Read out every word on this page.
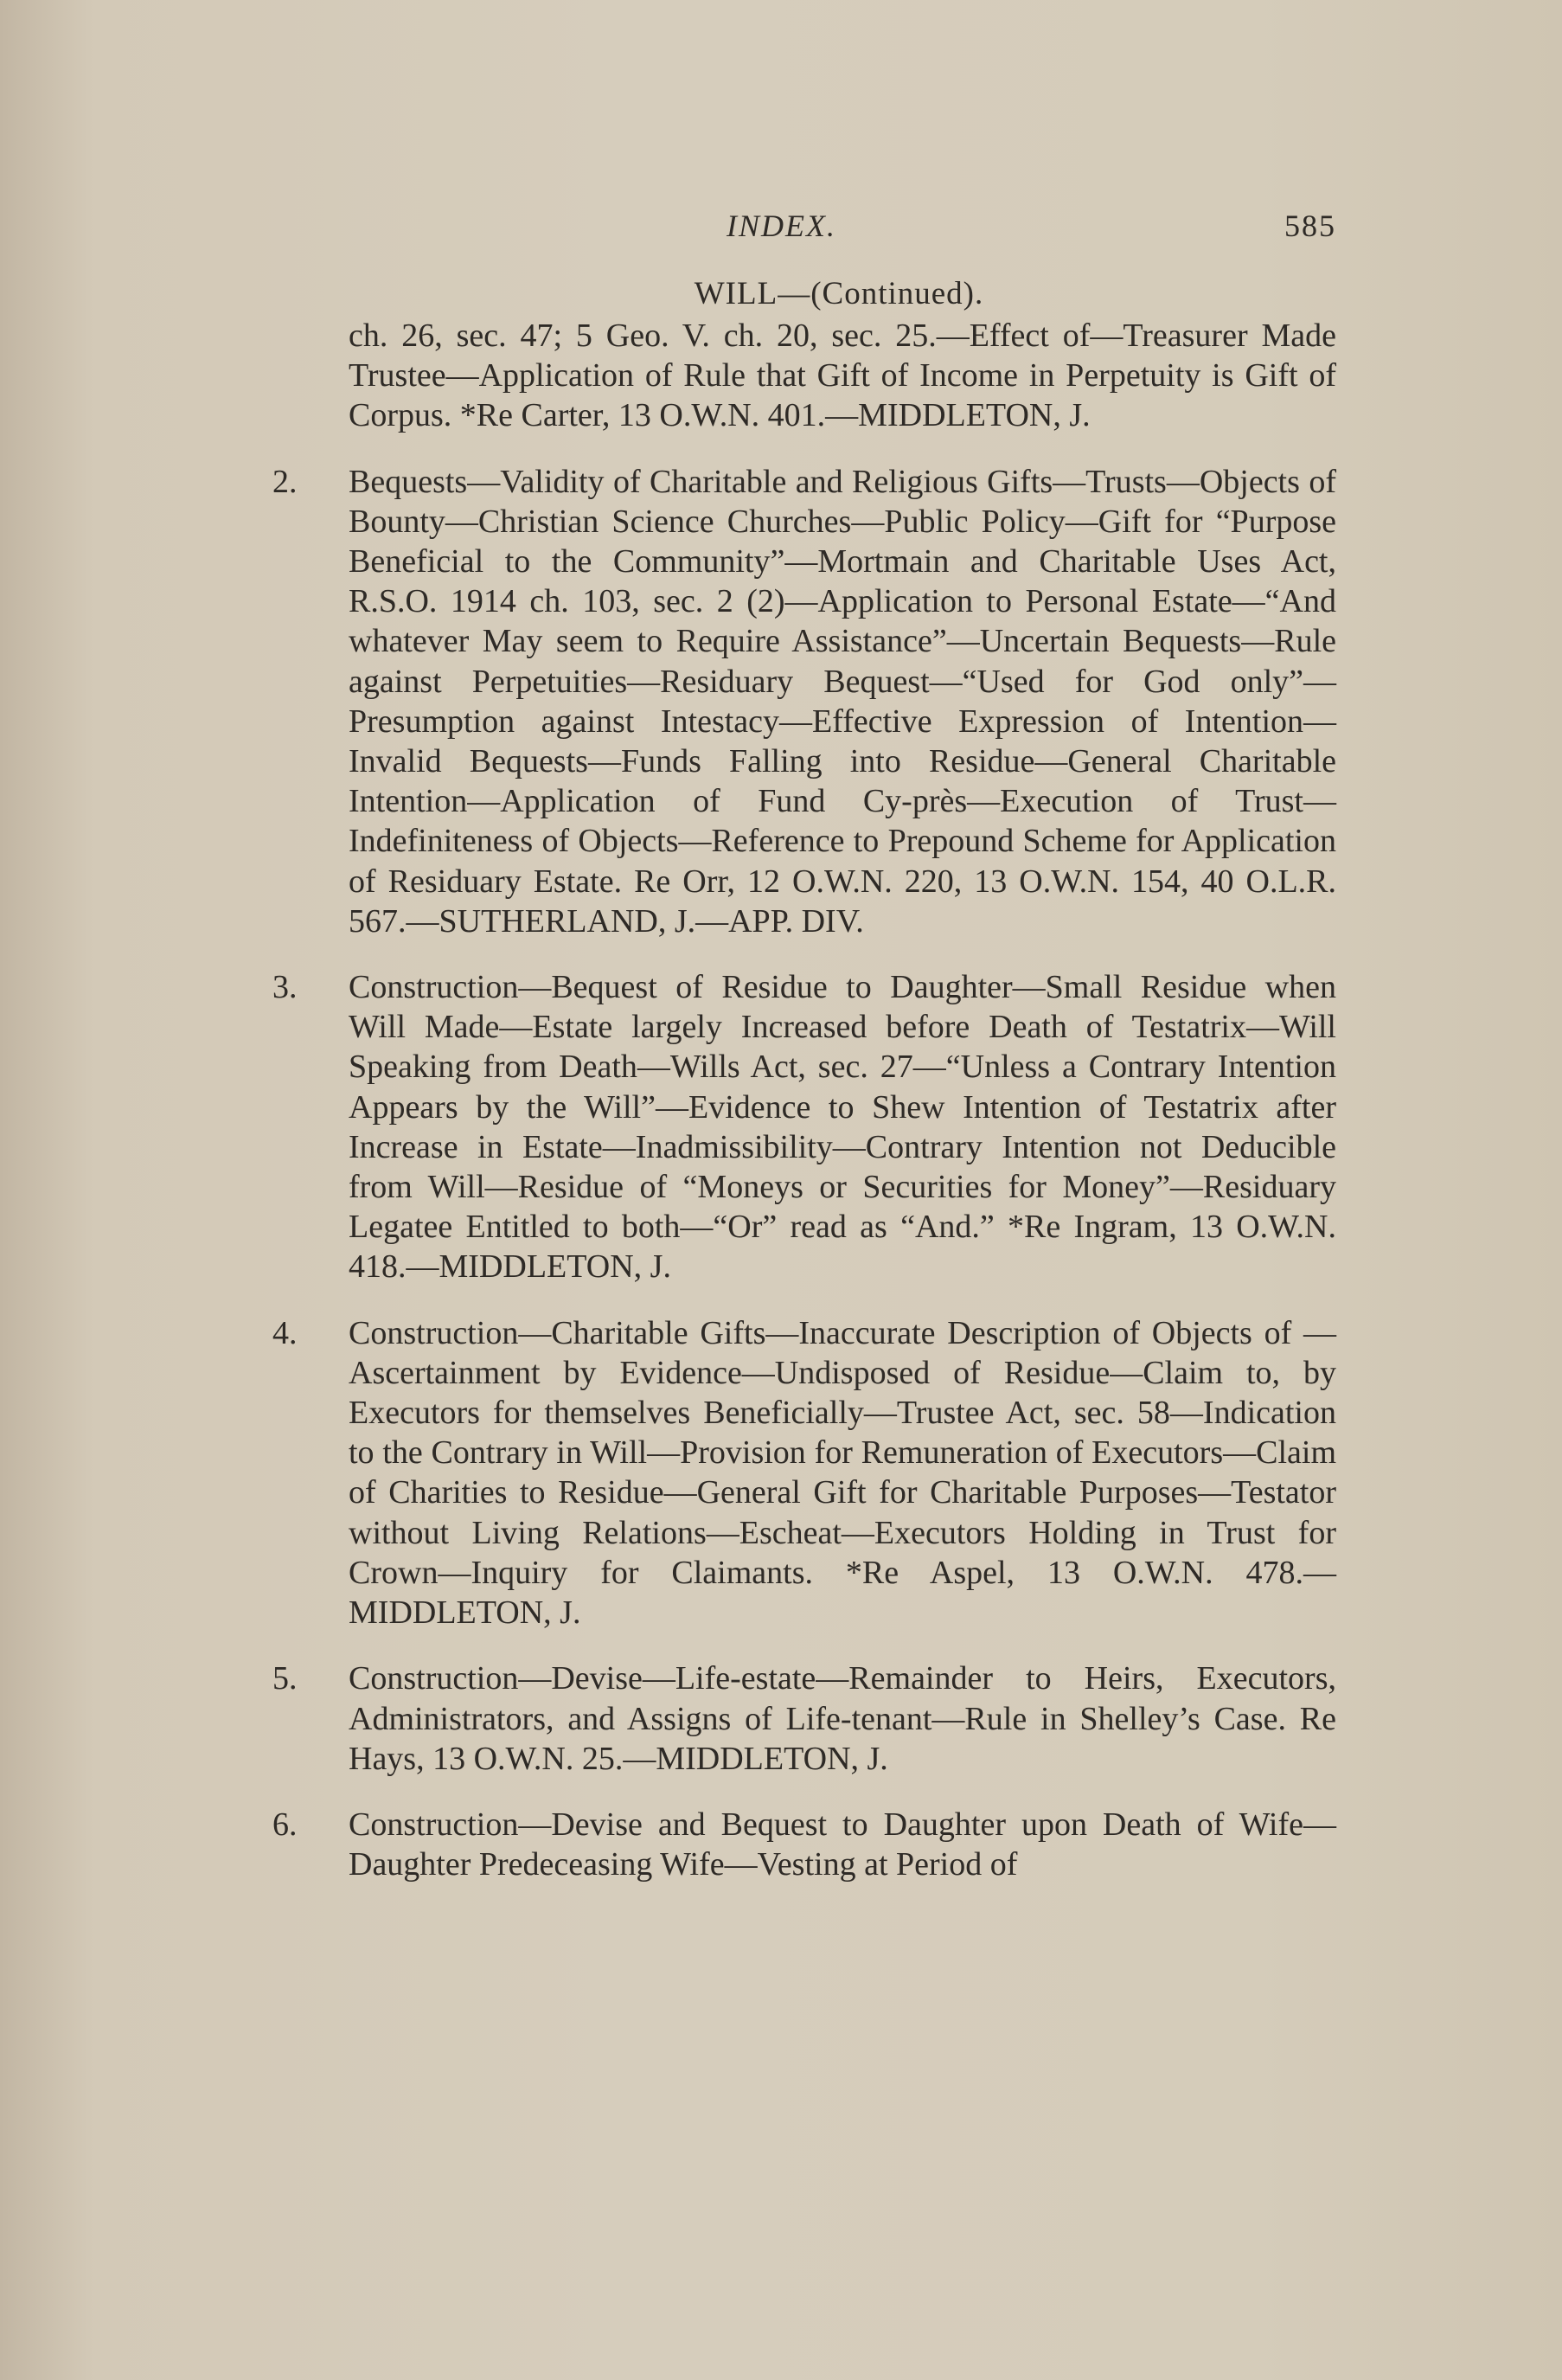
INDEX.	585
WILL—(Continued).
ch. 26, sec. 47; 5 Geo. V. ch. 20, sec. 25.—Effect of—Treasurer Made Trustee—Application of Rule that Gift of Income in Perpetuity is Gift of Corpus. *Re Carter, 13 O.W.N. 401.—MIDDLETON, J.
2. Bequests—Validity of Charitable and Religious Gifts—Trusts—Objects of Bounty—Christian Science Churches—Public Policy—Gift for “Purpose Beneficial to the Community”—Mortmain and Charitable Uses Act, R.S.O. 1914 ch. 103, sec. 2 (2)—Application to Personal Estate—“And whatever May seem to Require Assistance”—Uncertain Bequests—Rule against Perpetuities—Residuary Bequest—“Used for God only”—Presumption against Intestacy—Effective Expression of Intention—Invalid Bequests—Funds Falling into Residue—General Charitable Intention—Application of Fund Cy-près—Execution of Trust—Indefiniteness of Objects—Reference to Prepound Scheme for Application of Residuary Estate. Re Orr, 12 O.W.N. 220, 13 O.W.N. 154, 40 O.L.R. 567.—SUTHERLAND, J.—APP. DIV.
3. Construction—Bequest of Residue to Daughter—Small Residue when Will Made—Estate largely Increased before Death of Testatrix—Will Speaking from Death—Wills Act, sec. 27—“Unless a Contrary Intention Appears by the Will”—Evidence to Shew Intention of Testatrix after Increase in Estate—Inadmissibility—Contrary Intention not Deducible from Will—Residue of “Moneys or Securities for Money”—Residuary Legatee Entitled to both—“Or” read as “And.” *Re Ingram, 13 O.W.N. 418.—MIDDLETON, J.
4. Construction—Charitable Gifts—Inaccurate Description of Objects of —Ascertainment by Evidence—Undisposed of Residue—Claim to, by Executors for themselves Beneficially—Trustee Act, sec. 58—Indication to the Contrary in Will—Provision for Remuneration of Executors—Claim of Charities to Residue—General Gift for Charitable Purposes—Testator without Living Relations—Escheat—Executors Holding in Trust for Crown—Inquiry for Claimants. *Re Aspel, 13 O.W.N. 478.—MIDDLETON, J.
5. Construction—Devise—Life-estate—Remainder to Heirs, Executors, Administrators, and Assigns of Life-tenant—Rule in Shelley’s Case. Re Hays, 13 O.W.N. 25.—MIDDLETON, J.
6. Construction—Devise and Bequest to Daughter upon Death of Wife—Daughter Predeceasing Wife—Vesting at Period of
